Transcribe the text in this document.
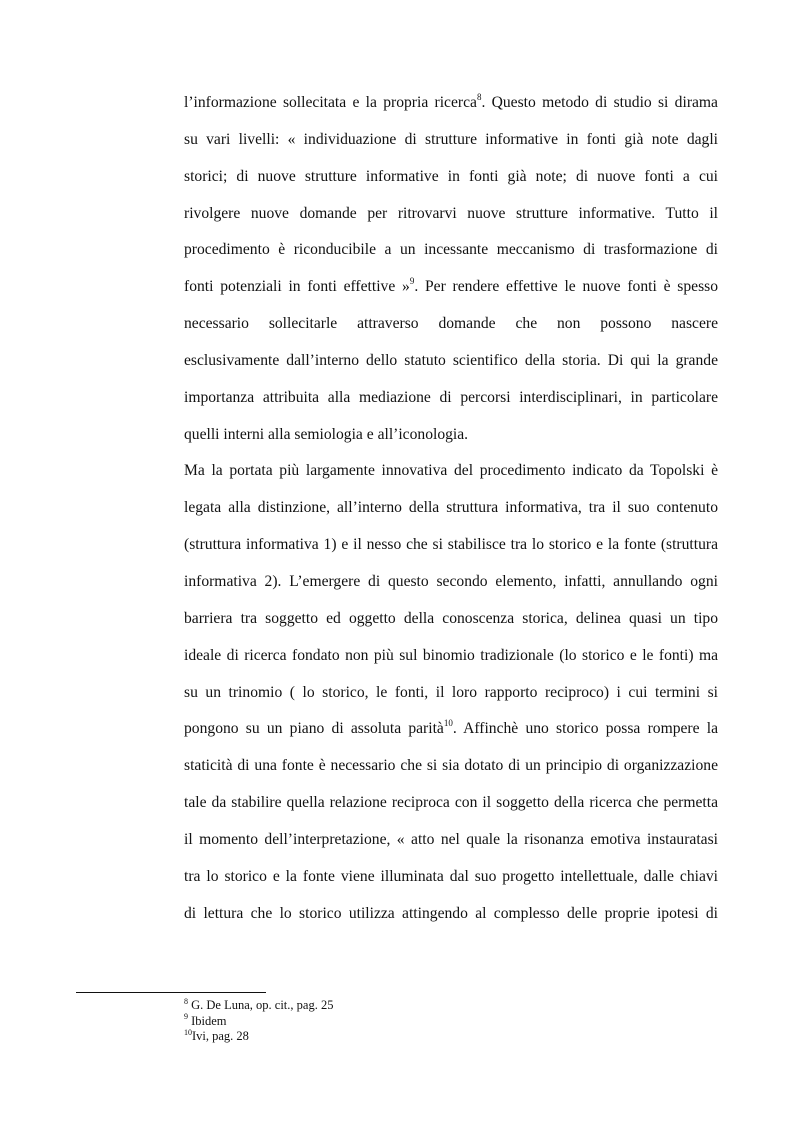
l’informazione sollecitata e la propria ricerca$^8$. Questo metodo di studio si dirama
su vari livelli: « individuazione di strutture informative in fonti già note dagli
storici; di nuove strutture informative in fonti già note; di nuove fonti a cui
rivolgere nuove domande per ritrovarvi nuove strutture informative. Tutto il
procedimento è riconducibile a un incessante meccanismo di trasformazione di
fonti potenziali in fonti effettive »$^9$. Per rendere effettive le nuove fonti è spesso
necessario sollecitarle attraverso domande che non possono nascere
esclusivamente dall’interno dello statuto scientifico della storia. Di qui la grande
importanza attribuita alla mediazione di percorsi interdisciplinari, in particolare
quelli interni alla semiologia e all’iconologia.
Ma la portata più largamente innovativa del procedimento indicato da Topolski è
legata alla distinzione, all’interno della struttura informativa, tra il suo contenuto
(struttura informativa 1) e il nesso che si stabilisce tra lo storico e la fonte (struttura
informativa 2). L’emergere di questo secondo elemento, infatti, annullando ogni
barriera tra soggetto ed oggetto della conoscenza storica, delinea quasi un tipo
ideale di ricerca fondato non più sul binomio tradizionale (lo storico e le fonti) ma
su un trinomio ( lo storico, le fonti, il loro rapporto reciproco) i cui termini si
pongono su un piano di assoluta parità$^{10}$. Affinchè uno storico possa rompere la
staticità di una fonte è necessario che si sia dotato di un principio di organizzazione
tale da stabilire quella relazione reciproca con il soggetto della ricerca che permetta
il momento dell’interpretazione, « atto nel quale la risonanza emotiva instauratasi
tra lo storico e la fonte viene illuminata dal suo progetto intellettuale, dalle chiavi
di lettura che lo storico utilizza attingendo al complesso delle proprie ipotesi di
$^8$ G. De Luna, op. cit., pag. 25
$^9$ Ibidem
$^{10}$Ivi, pag. 28
